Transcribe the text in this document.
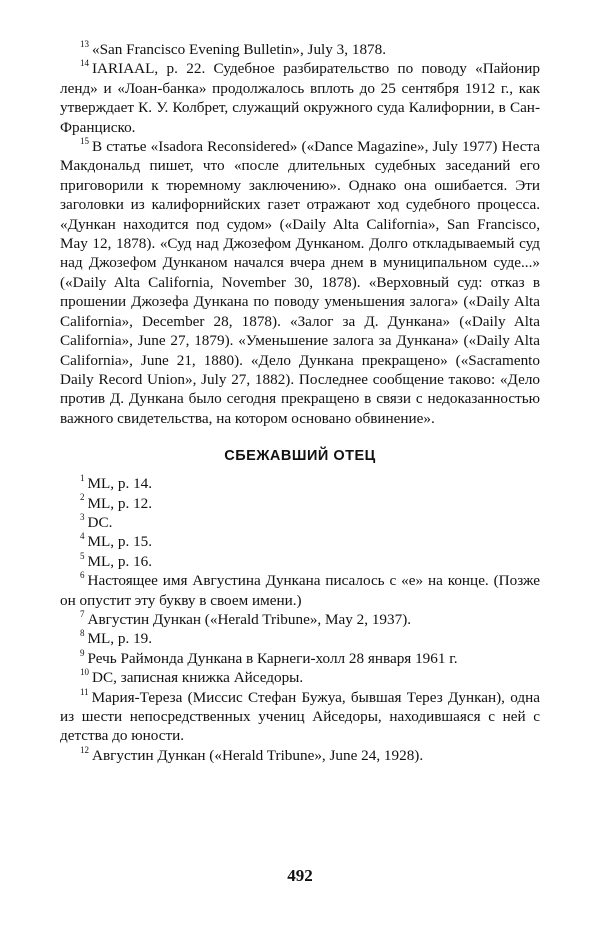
$^{13}$ «San Francisco Evening Bulletin», July 3, 1878.

$^{14}$ IARIAAL, p. 22. Судебное разбирательство по поводу «Пайонир ленд» и «Лоан-банка» продолжалось вплоть до 25 сентября 1912 г., как утверждает К. У. Колбрет, служащий окружного суда Калифорнии, в Сан-Франциско.

$^{15}$ В статье «Isadora Reconsidered» («Dance Magazine», July 1977) Неста Макдональд пишет, что «после длительных судебных заседаний его приговорили к тюремному заключению». Однако она ошибается. Эти заголовки из калифорнийских газет отражают ход судебного процесса. «Дункан находится под судом» («Daily Alta California», San Francisco, May 12, 1878). «Суд над Джозефом Дунканом. Долго откладываемый суд над Джозефом Дунканом начался вчера днем в муниципальном суде...» («Daily Alta California, November 30, 1878). «Верховный суд: отказ в прошении Джозефа Дункана по поводу уменьшения залога» («Daily Alta California», December 28, 1878). «Залог за Д. Дункана» («Daily Alta California», June 27, 1879). «Уменьшение залога за Дункана» («Daily Alta California», June 21, 1880). «Дело Дункана прекращено» («Sacramento Daily Record Union», July 27, 1882). Последнее сообщение таково: «Дело против Д. Дункана было сегодня прекращено в связи с недоказанностью важного свидетельства, на котором основано обвинение».

СБЕЖАВШИЙ ОТЕЦ

$^1$ ML, p. 14.

$^2$ ML, p. 12.

$^3$ DC.

$^4$ ML, p. 15.

$^5$ ML, p. 16.

$^6$ Настоящее имя Августина Дункана писалось с «е» на конце. (Позже он опустит эту букву в своем имени.)

$^7$ Августин Дункан («Herald Tribune», May 2, 1937).

$^8$ ML, p. 19.

$^9$ Речь Раймонда Дункана в Карнеги-холл 28 января 1961 г.

$^{10}$ DC, записная книжка Айседоры.

$^{11}$ Мария-Тереза (Миссис Стефан Бужуа, бывшая Терез Дункан), одна из шести непосредственных учениц Айседоры, находившаяся с ней с детства до юности.

$^{12}$ Августин Дункан («Herald Tribune», June 24, 1928).

492
